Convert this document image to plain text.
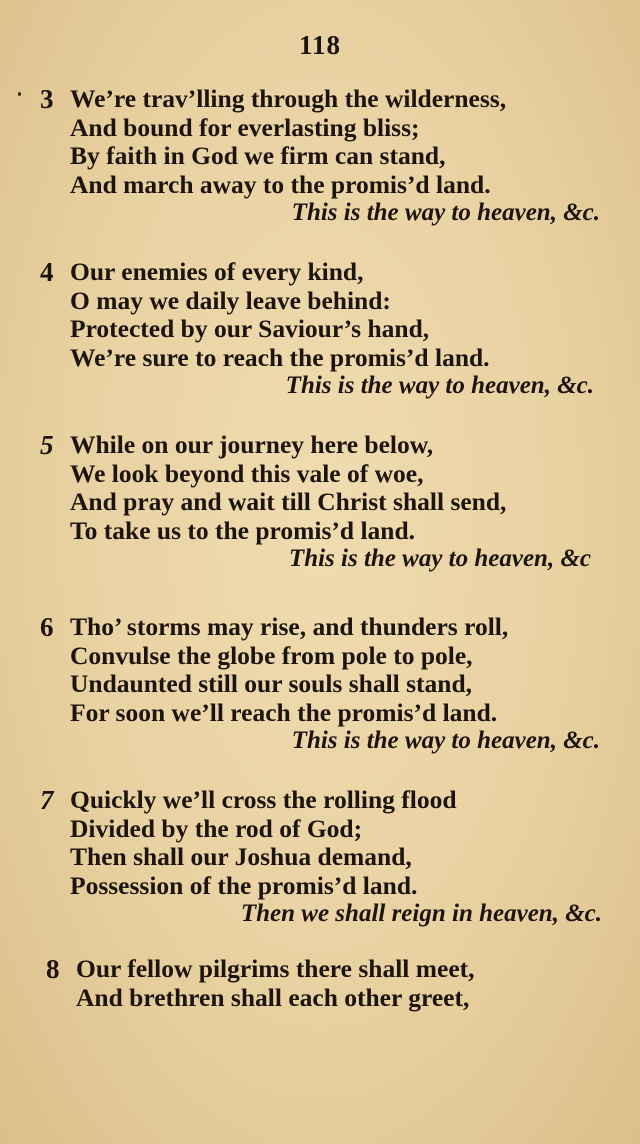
118
3 We’re trav’lling through the wilderness,
And bound for everlasting bliss;
By faith in God we firm can stand,
And march away to the promis’d land.
This is the way to heaven, &c.
4 Our enemies of every kind,
O may we daily leave behind:
Protected by our Saviour’s hand,
We’re sure to reach the promis’d land.
This is the way to heaven, &c.
5 While on our journey here below,
We look beyond this vale of woe,
And pray and wait till Christ shall send,
To take us to the promis’d land.
This is the way to heaven, &c
6 Tho’ storms may rise, and thunders roll,
Convulse the globe from pole to pole,
Undaunted still our souls shall stand,
For soon we’ll reach the promis’d land.
This is the way to heaven, &c.
7 Quickly we’ll cross the rolling flood
Divided by the rod of God;
Then shall our Joshua demand,
Possession of the promis’d land.
Then we shall reign in heaven, &c.
8 Our fellow pilgrims there shall meet,
And brethren shall each other greet,
